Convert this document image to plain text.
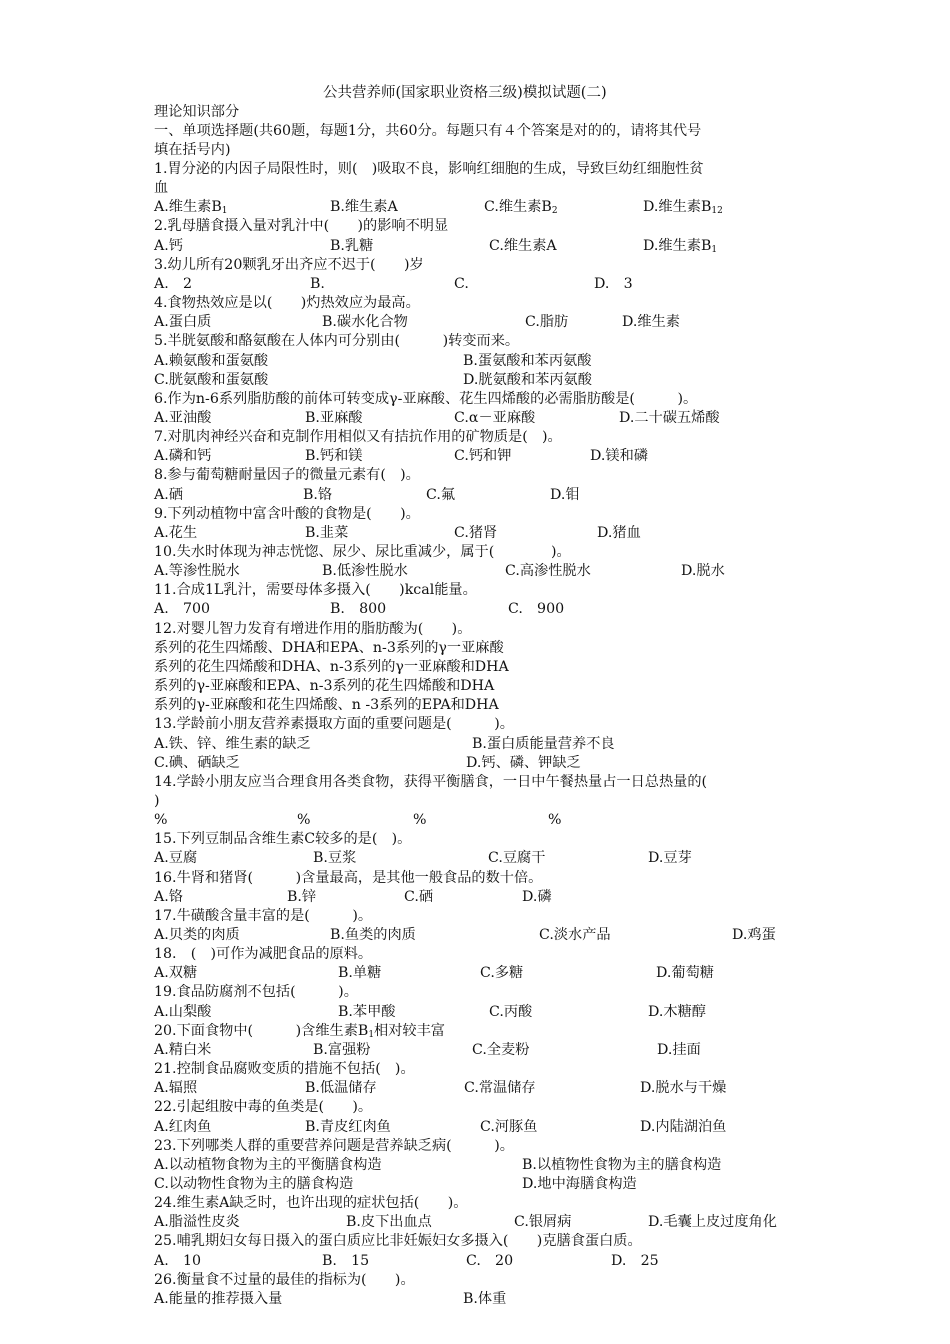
公共营养师(国家职业资格三级)模拟试题(二)
理论知识部分
一、单项选择题(共60题，每题1分，共60分。每题只有４个答案是对的的，请将其代号
填在括号内)
1.胃分泌的内因子局限性时，则(　)吸取不良，影响红细胞的生成，导致巨幼红细胞性贫
血
A.维生素$B_1$	B.维生素A	C.维生素$B_2$	D.维生素$B_{12}$
2.乳母膳食摄入量对乳汁中(　　)的影响不明显
A.钙	B.乳糖	C.维生素A	D.维生素$B_1$
3.幼儿所有20颗乳牙出齐应不迟于(　　)岁
A.　2	B.	C.	D.　3
4.食物热效应是以(　　)灼热效应为最高。
A.蛋白质	B.碳水化合物	C.脂肪	D.维生素
5.半胱氨酸和酪氨酸在人体内可分别由(　　　)转变而来。
A.赖氨酸和蛋氨酸	B.蛋氨酸和苯丙氨酸
C.胱氨酸和蛋氨酸	D.胱氨酸和苯丙氨酸
6.作为n-6系列脂肪酸的前体可转变成γ-亚麻酸、花生四烯酸的必需脂肪酸是(　　　)。
A.亚油酸	B.亚麻酸	C.α－亚麻酸	D.二十碳五烯酸
7.对肌肉神经兴奋和克制作用相似又有拮抗作用的矿物质是(　)。
A.磷和钙	B.钙和镁	C.钙和钾	D.镁和磷
8.参与葡萄糖耐量因子的微量元素有(　)。
A.硒	B.铬	C.氟	D.钼
9.下列动植物中富含叶酸的食物是(　　)。
A.花生	B.韭菜	C.猪肾	D.猪血
10.失水时体现为神志恍惚、尿少、尿比重减少，属于(　　　　)。
A.等渗性脱水	B.低渗性脱水	C.高渗性脱水	D.脱水
11.合成1L乳汁，需要母体多摄入(　　)kcal能量。
A.　700	B.　800	C.　900
12.对婴儿智力发育有增进作用的脂肪酸为(　　)。
系列的花生四烯酸、DHA和EPA、n-3系列的γ一亚麻酸
系列的花生四烯酸和DHA、n-3系列的γ一亚麻酸和DHA
系列的γ-亚麻酸和EPA、n-3系列的花生四烯酸和DHA
系列的γ-亚麻酸和花生四烯酸、n -3系列的EPA和DHA
13.学龄前小朋友营养素摄取方面的重要问题是(　　　)。
A.铁、锌、维生素的缺乏	B.蛋白质能量营养不良
C.碘、硒缺乏	D.钙、磷、钾缺乏
14.学龄小朋友应当合理食用各类食物，获得平衡膳食，一日中午餐热量占一日总热量的(
)
%	%	%	%
15.下列豆制品含维生素C较多的是(　)。
A.豆腐	B.豆浆	C.豆腐干	D.豆芽
16.牛肾和猪肾(　　　)含量最高，是其他一般食品的数十倍。
A.铬	B.锌	C.硒	D.磷
17.牛磺酸含量丰富的是(　　　)。
A.贝类的肉质	B.鱼类的肉质	C.淡水产品	D.鸡蛋
18.　(　)可作为减肥食品的原料。
A.双糖	B.单糖	C.多糖	D.葡萄糖
19.食品防腐剂不包括(　　　)。
A.山梨酸	B.苯甲酸	C.丙酸	D.木糖醇
20.下面食物中(　　　)含维生素$B_1$相对较丰富
A.精白米	B.富强粉	C.全麦粉	D.挂面
21.控制食品腐败变质的措施不包括(　)。
A.辐照	B.低温储存	C.常温储存	D.脱水与干燥
22.引起组胺中毒的鱼类是(　　)。
A.红肉鱼	B.青皮红肉鱼	C.河豚鱼	D.内陆湖泊鱼
23.下列哪类人群的重要营养问题是营养缺乏病(　　　)。
A.以动植物食物为主的平衡膳食构造	B.以植物性食物为主的膳食构造
C.以动物性食物为主的膳食构造	D.地中海膳食构造
24.维生素A缺乏时，也许出现的症状包括(　　)。
A.脂溢性皮炎	B.皮下出血点	C.银屑病	D.毛囊上皮过度角化
25.哺乳期妇女每日摄入的蛋白质应比非妊娠妇女多摄入(　　)克膳食蛋白质。
A.　10	B.　15	C.　20	D.　25
26.衡量食不过量的最佳的指标为(　　)。
A.能量的推荐摄入量	B.体重
